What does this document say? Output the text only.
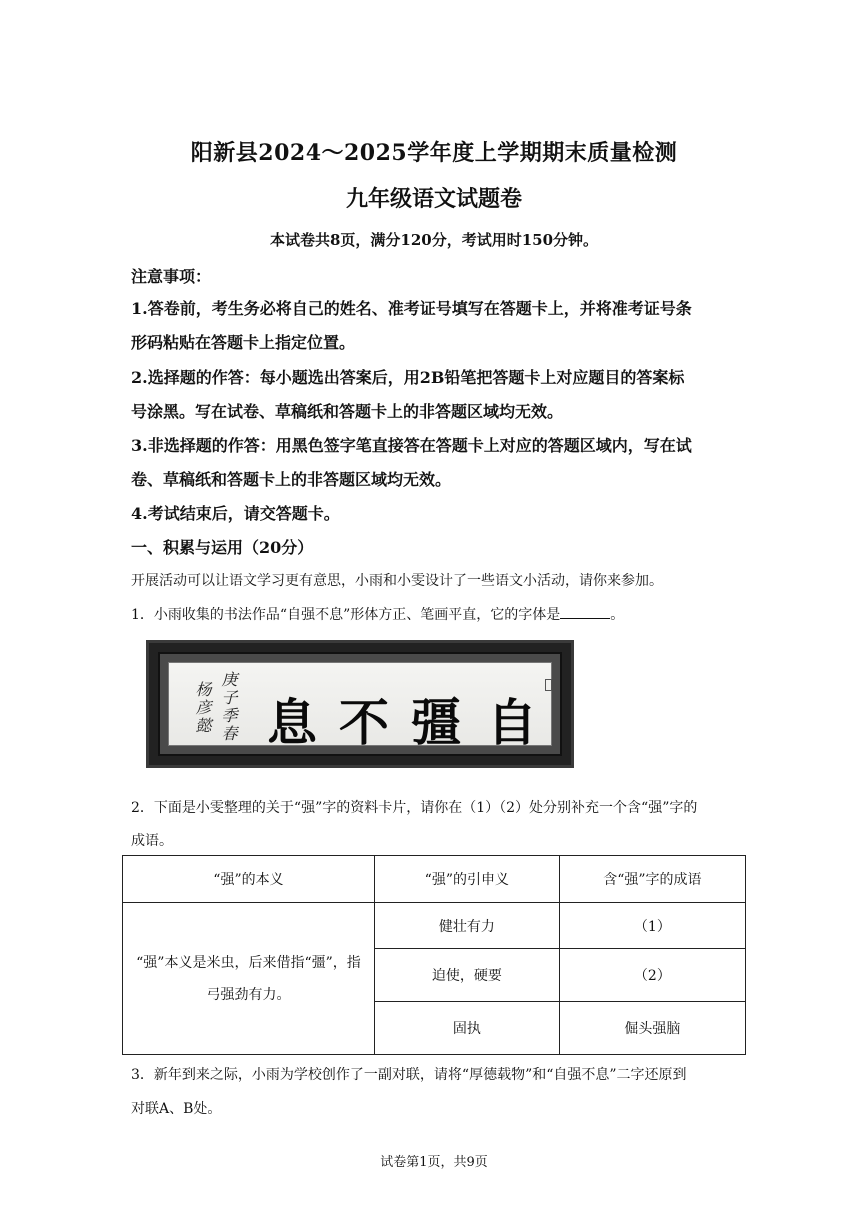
阳新县2024～2025学年度上学期期末质量检测
九年级语文试题卷
本试卷共8页，满分120分，考试用时150分钟。
注意事项：
1.答卷前，考生务必将自己的姓名、准考证号填写在答题卡上，并将准考证号条
形码粘贴在答题卡上指定位置。
2.选择题的作答：每小题选出答案后，用2B铅笔把答题卡上对应题目的答案标
号涂黑。写在试卷、草稿纸和答题卡上的非答题区域均无效。
3.非选择题的作答：用黑色签字笔直接答在答题卡上对应的答题区域内，写在试
卷、草稿纸和答题卡上的非答题区域均无效。
4.考试结束后，请交答题卡。
一、积累与运用（20分）
开展活动可以让语文学习更有意思，小雨和小雯设计了一些语文小活动，请你来参加。
1．小雨收集的书法作品“自强不息”形体方正、笔画平直，它的字体是	。
杨彦懿 庚子季春 息 不 彊 自
2．下面是小雯整理的关于“强”字的资料卡片，请你在（1）（2）处分别补充一个含“强”字的
成语。
“强”的本义	“强”的引申义	含“强”字的成语
“强”本义是米虫，后来借指“彊”，指弓强劲有力。	健壮有力	（1）
	迫使，硬要	（2）
	固执	倔头强脑
3．新年到来之际，小雨为学校创作了一副对联，请将“厚德载物”和“自强不息”二字还原到
对联A、B处。
试卷第1页，共9页
